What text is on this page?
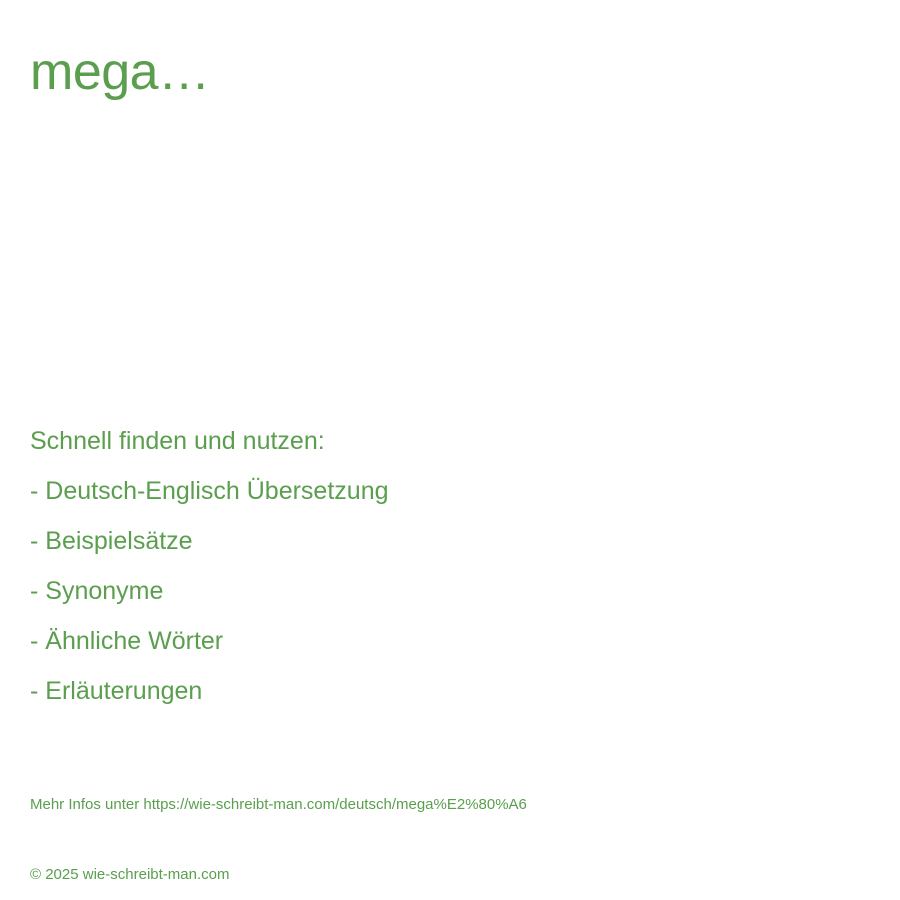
mega…
Schnell finden und nutzen:
- Deutsch-Englisch Übersetzung
- Beispielsätze
- Synonyme
- Ähnliche Wörter
- Erläuterungen
Mehr Infos unter https://wie-schreibt-man.com/deutsch/mega%E2%80%A6
© 2025 wie-schreibt-man.com
